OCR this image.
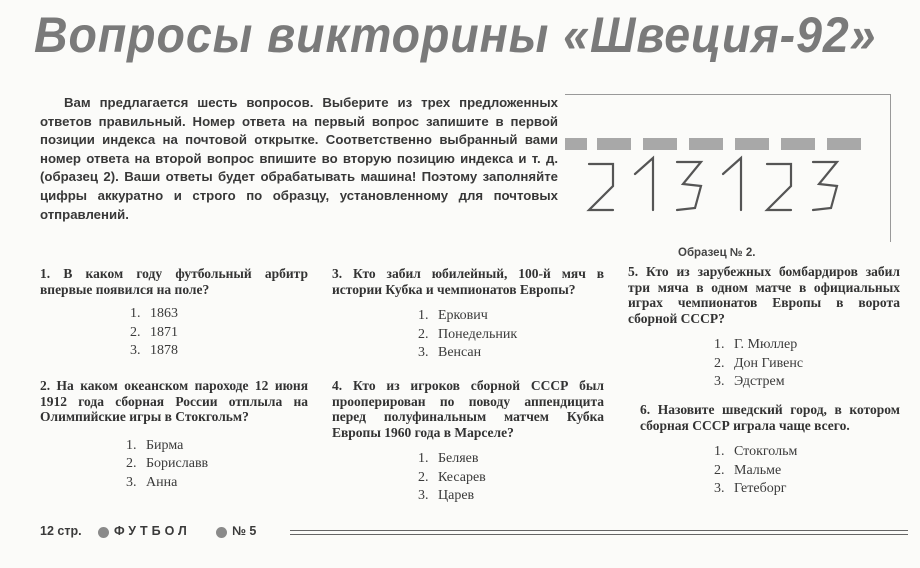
Вопросы викторины «Швеция-92»
Вам предлагается шесть вопросов. Выберите из трех предложенных ответов правильный. Номер ответа на первый вопрос запишите в первой позиции индекса на почтовой открытке. Соответственно выбранный вами номер ответа на второй вопрос впишите во вторую позицию индекса и т. д. (образец 2). Ваши ответы будет обрабатывать машина! Поэтому заполняйте цифры аккуратно и строго по образцу, установленному для почтовых отправлений.
Образец № 2.
1. В каком году футбольный арбитр впервые появился на поле?
1. 1863
2. 1871
3. 1878
2. На каком океанском пароходе 12 июня 1912 года сборная России отплыла на Олимпийские игры в Стокгольм?
1. Бирма
2. Бориславв
3. Анна
3. Кто забил юбилейный, 100-й мяч в истории Кубка и чемпионатов Европы?
1. Еркович
2. Понедельник
3. Венсан
4. Кто из игроков сборной СССР был прооперирован по поводу аппендицита перед полуфинальным матчем Кубка Европы 1960 года в Марселе?
1. Беляев
2. Кесарев
3. Царев
5. Кто из зарубежных бомбардиров забил три мяча в одном матче в официальных играх чемпионатов Европы в ворота сборной СССР?
1. Г. Мюллер
2. Дон Гивенс
3. Эдстрем
6. Назовите шведский город, в котором сборная СССР играла чаще всего.
1. Стокгольм
2. Мальме
3. Гетеборг
12 стр.	ФУТБОЛ	№ 5
